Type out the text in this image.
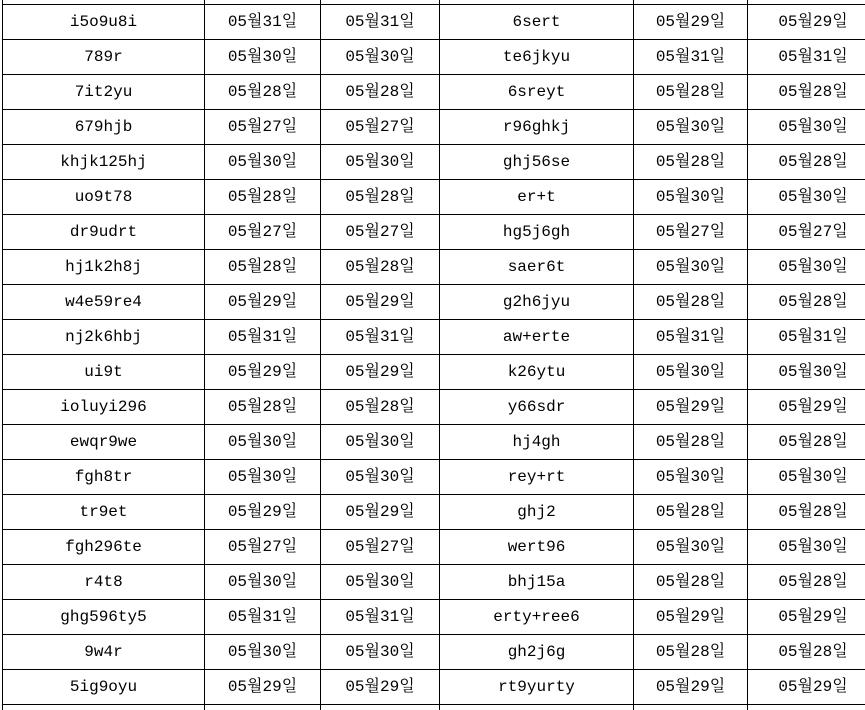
i5o9u8i	05월31일	05월31일	6sert	05월29일	05월29일
789r	05월30일	05월30일	te6jkyu	05월31일	05월31일
7it2yu	05월28일	05월28일	6sreyt	05월28일	05월28일
679hjb	05월27일	05월27일	r96ghkj	05월30일	05월30일
khjk125hj	05월30일	05월30일	ghj56se	05월28일	05월28일
uo9t78	05월28일	05월28일	er+t	05월30일	05월30일
dr9udrt	05월27일	05월27일	hg5j6gh	05월27일	05월27일
hj1k2h8j	05월28일	05월28일	saer6t	05월30일	05월30일
w4e59re4	05월29일	05월29일	g2h6jyu	05월28일	05월28일
nj2k6hbj	05월31일	05월31일	aw+erte	05월31일	05월31일
ui9t	05월29일	05월29일	k26ytu	05월30일	05월30일
ioluyi296	05월28일	05월28일	y66sdr	05월29일	05월29일
ewqr9we	05월30일	05월30일	hj4gh	05월28일	05월28일
fgh8tr	05월30일	05월30일	rey+rt	05월30일	05월30일
tr9et	05월29일	05월29일	ghj2	05월28일	05월28일
fgh296te	05월27일	05월27일	wert96	05월30일	05월30일
r4t8	05월30일	05월30일	bhj15a	05월28일	05월28일
ghg596ty5	05월31일	05월31일	erty+ree6	05월29일	05월29일
9w4r	05월30일	05월30일	gh2j6g	05월28일	05월28일
5ig9oyu	05월29일	05월29일	rt9yurty	05월29일	05월29일
